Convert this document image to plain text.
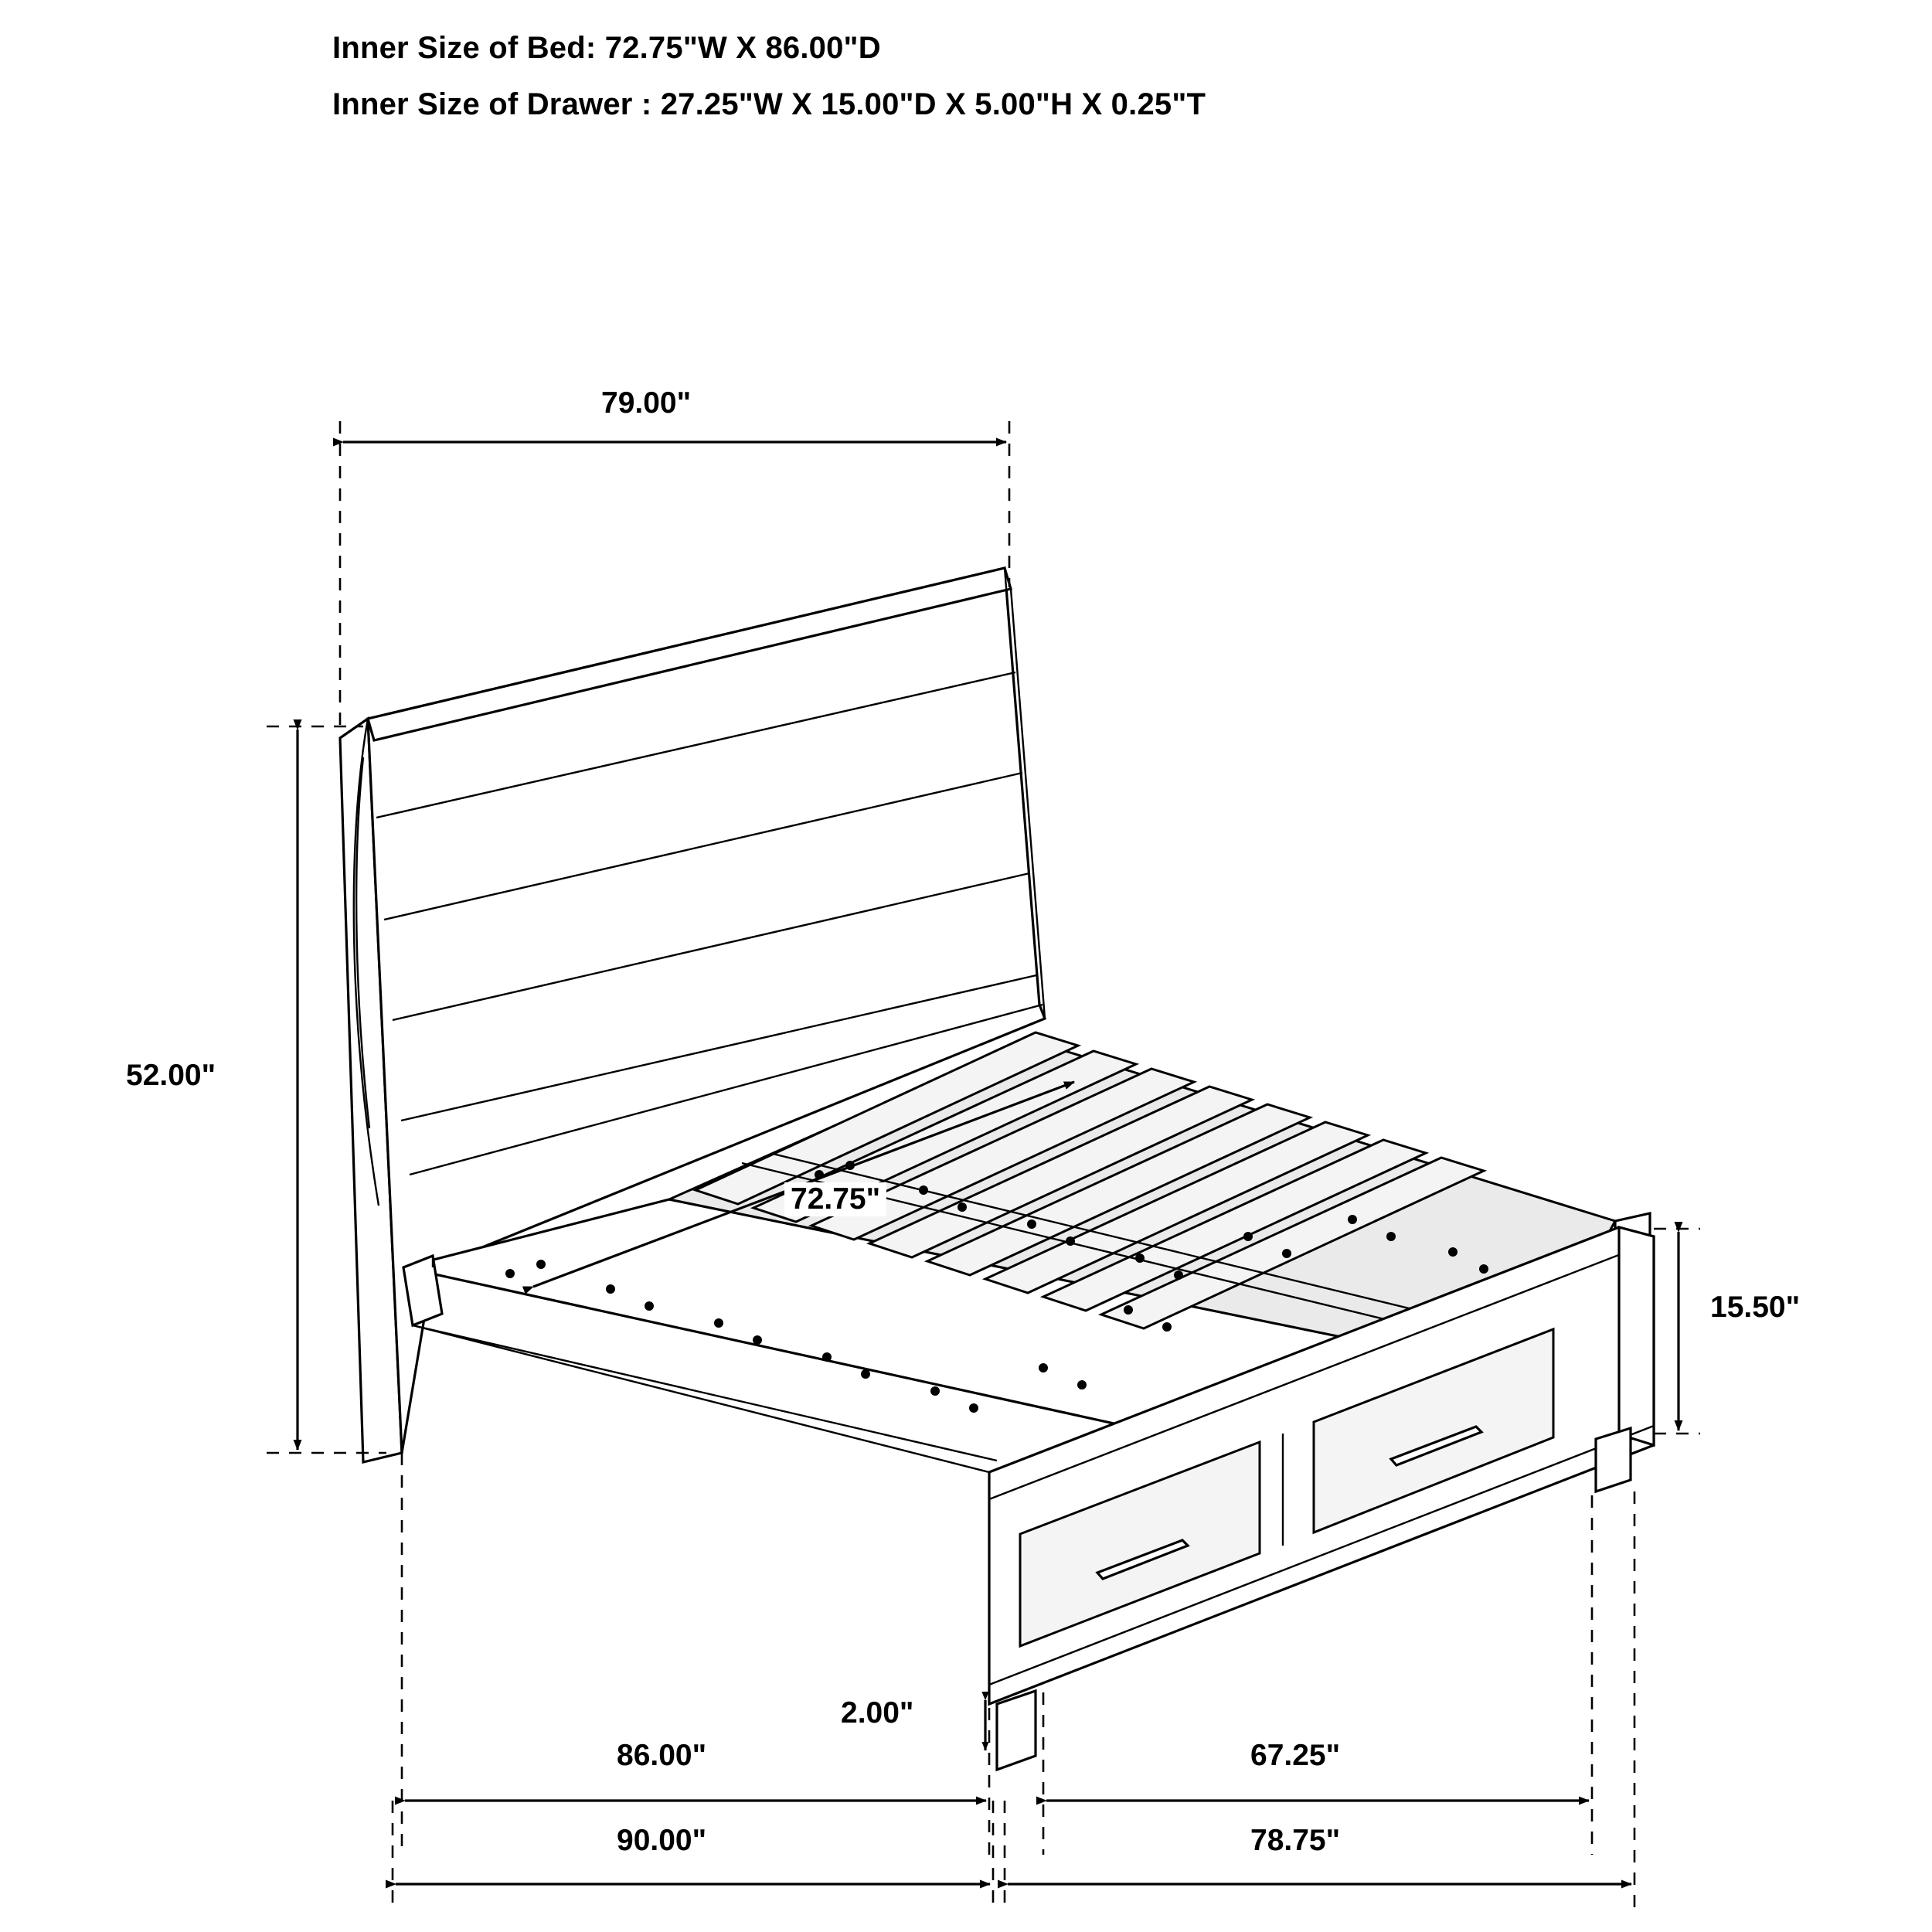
Inner Size of Bed: 72.75"W X 86.00"D
Inner Size of Drawer : 27.25"W X 15.00"D X 5.00"H X 0.25"T
79.00"
52.00"
72.75"
15.50"
2.00"
86.00"	67.25"
90.00"	78.75"
